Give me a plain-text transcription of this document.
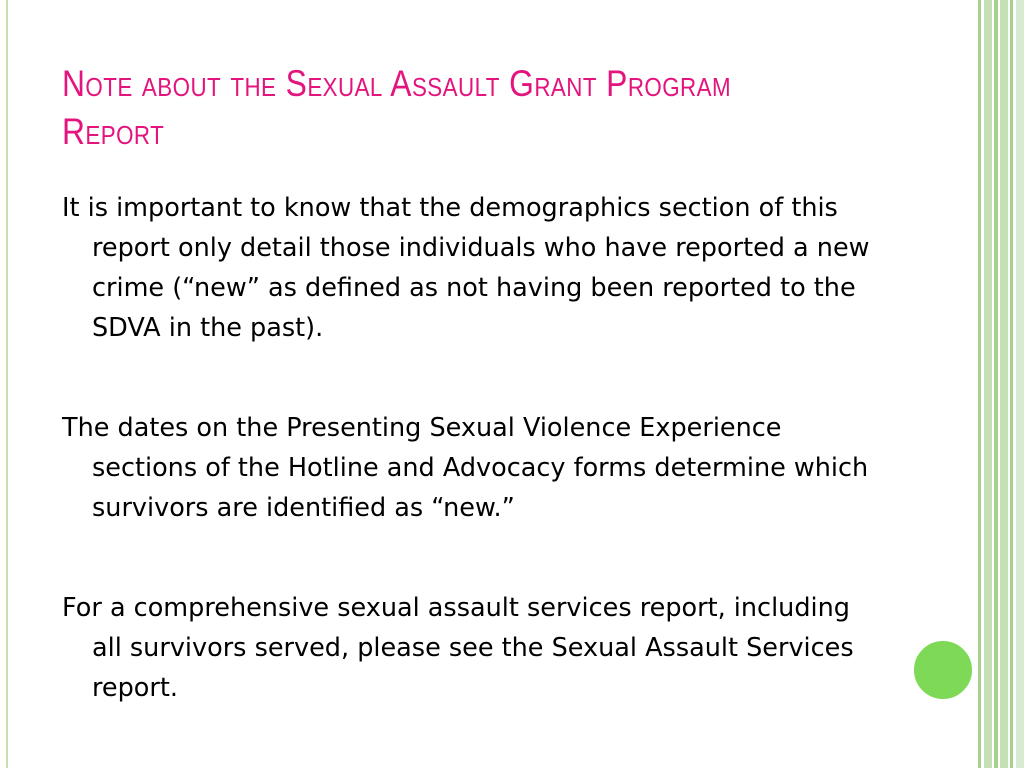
Note about the Sexual Assault Grant Program Report

It is important to know that the demographics section of this report only detail those individuals who have reported a new crime (“new” as defined as not having been reported to the SDVA in the past).

The dates on the Presenting Sexual Violence Experience sections of the Hotline and Advocacy forms determine which survivors are identified as “new.”

For a comprehensive sexual assault services report, including all survivors served, please see the Sexual Assault Services report.
